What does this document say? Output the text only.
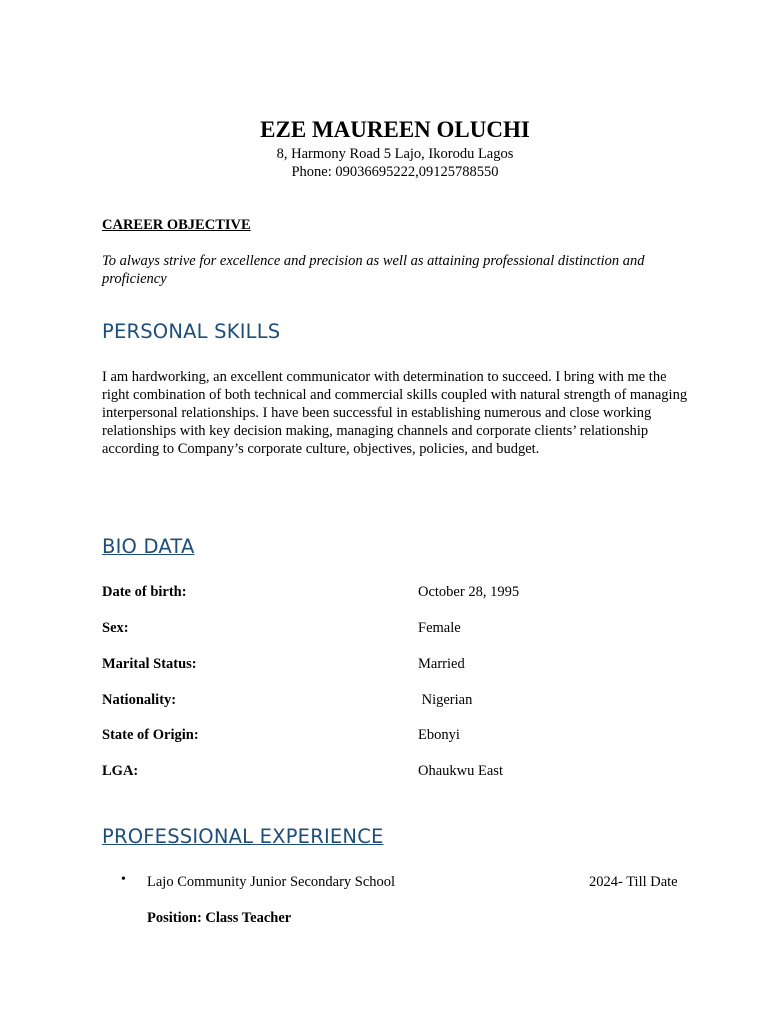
EZE MAUREEN OLUCHI
8, Harmony Road 5 Lajo, Ikorodu Lagos
Phone: 09036695222,09125788550
CAREER OBJECTIVE
To always strive for excellence and precision as well as attaining professional distinction and proficiency
PERSONAL SKILLS
I am hardworking, an excellent communicator with determination to succeed. I bring with me the right combination of both technical and commercial skills coupled with natural strength of managing interpersonal relationships. I have been successful in establishing numerous and close working relationships with key decision making, managing channels and corporate clients’ relationship according to Company’s corporate culture, objectives, policies, and budget.
BIO DATA
Date of birth:	October 28, 1995
Sex:	Female
Marital Status:	Married
Nationality:	Nigerian
State of Origin:	Ebonyi
LGA:	Ohaukwu East
PROFESSIONAL EXPERIENCE
• Lajo Community Junior Secondary School	2024- Till Date
Position: Class Teacher
